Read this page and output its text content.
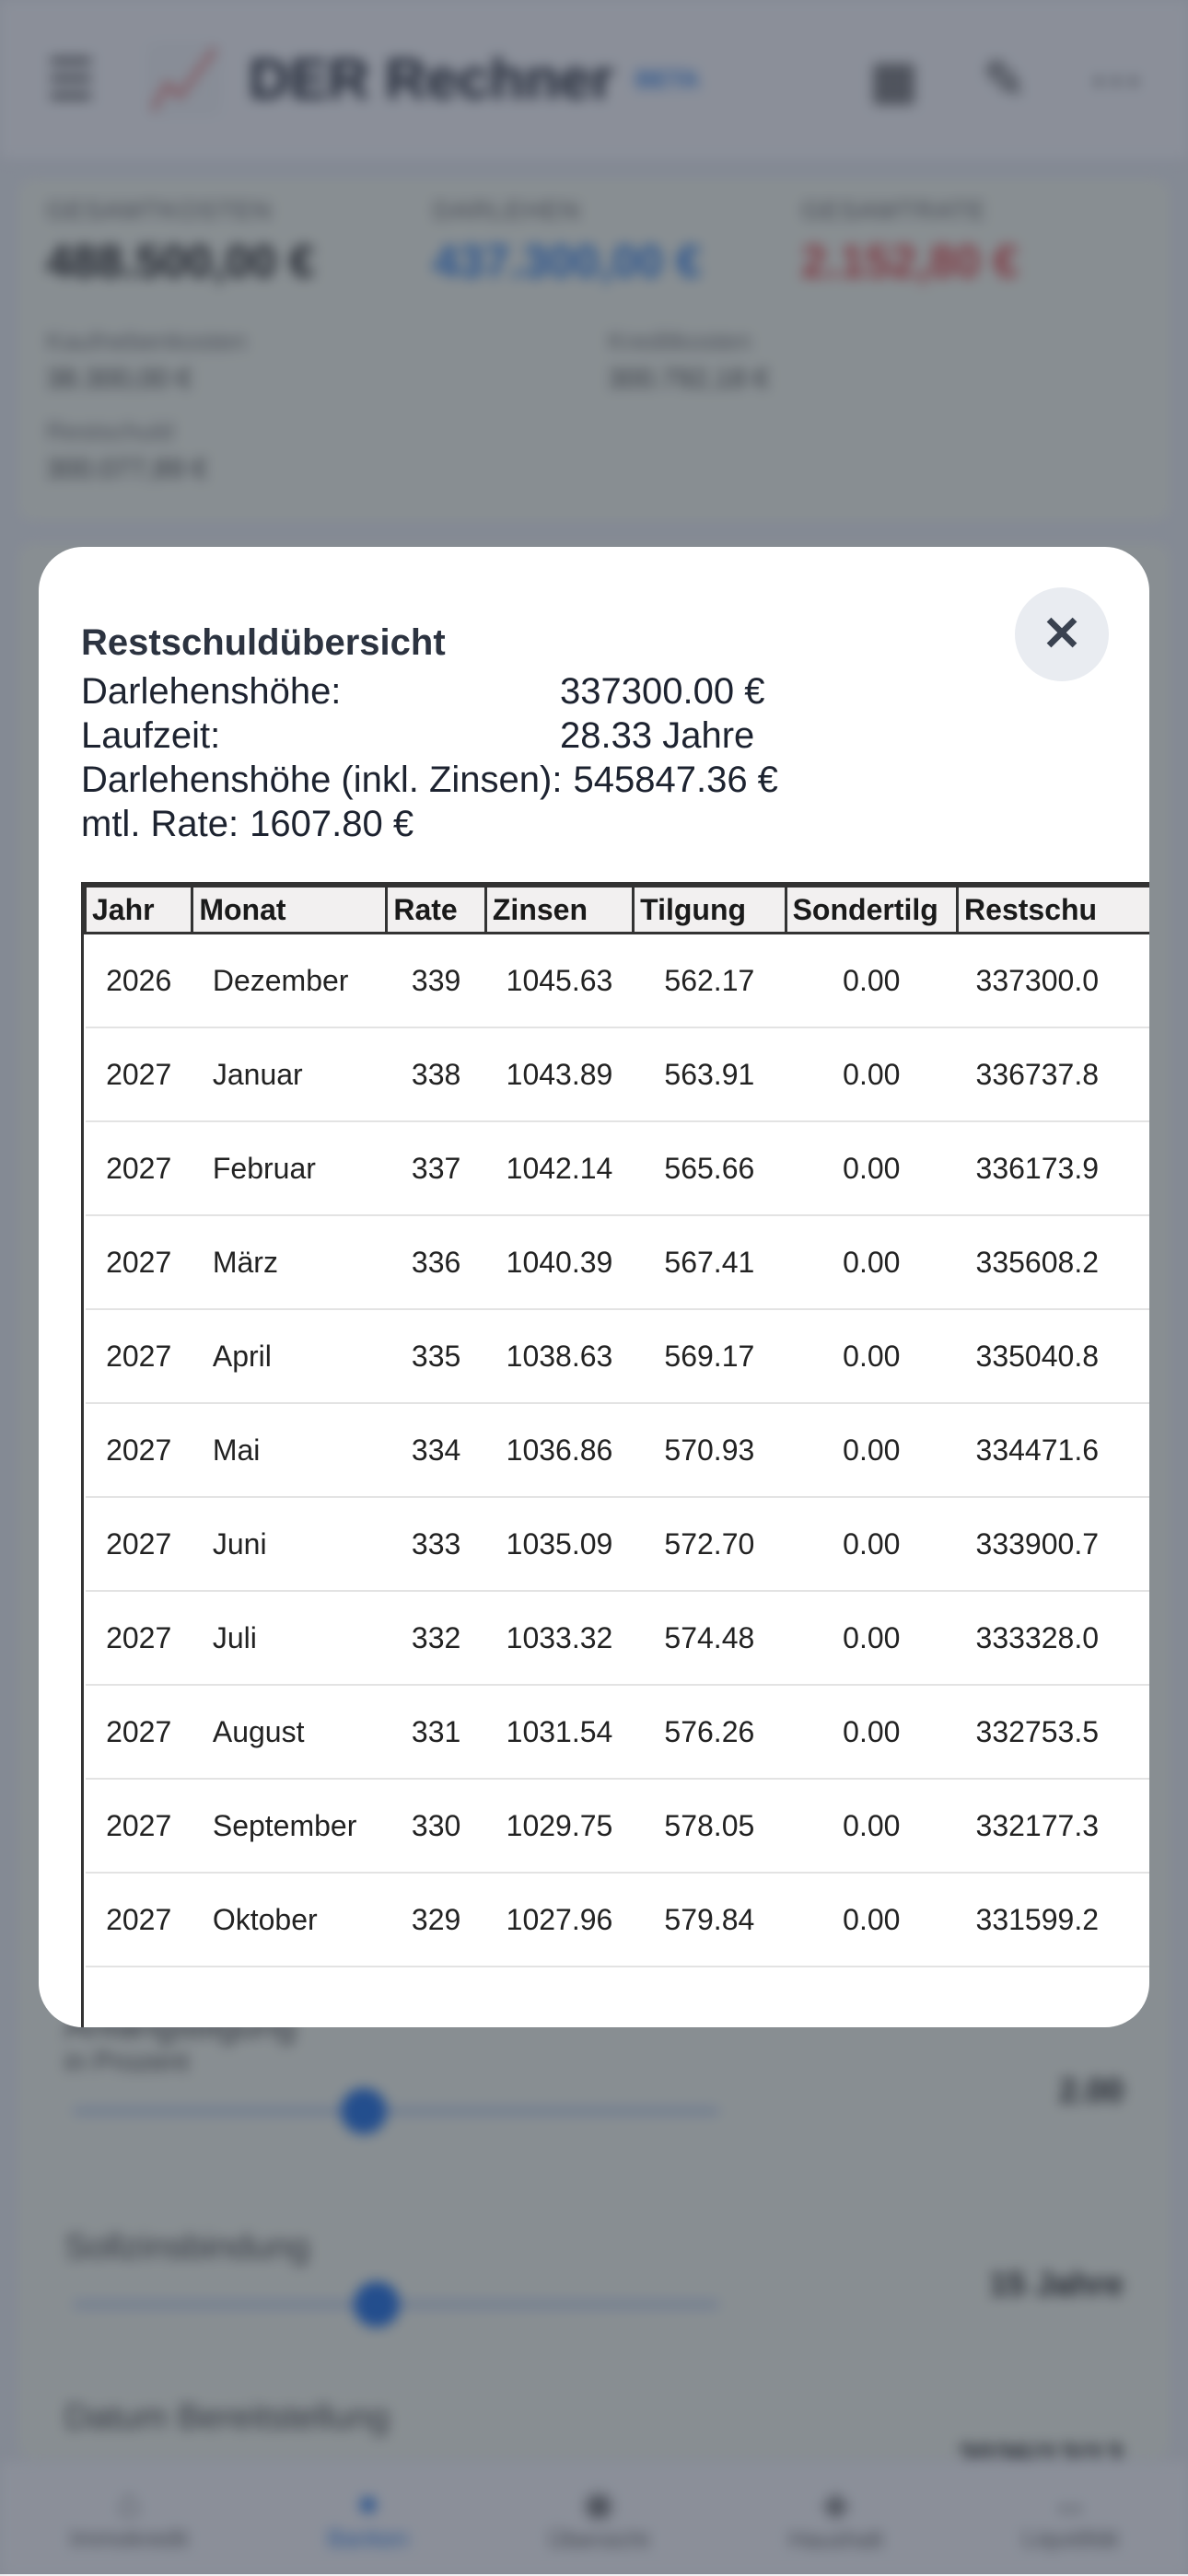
✕
Restschuldübersicht
Darlehenshöhe:	337300.00 €
Laufzeit:	28.33 Jahre
Darlehenshöhe (inkl. Zinsen): 545847.36 €
mtl. Rate: 1607.80 €
Jahr	Monat	Rate	Zinsen	Tilgung	Sondertilg	Restschu
2026	Dezember	339	1045.63	562.17	0.00	337300.0
2027	Januar	338	1043.89	563.91	0.00	336737.8
2027	Februar	337	1042.14	565.66	0.00	336173.9
2027	März	336	1040.39	567.41	0.00	335608.2
2027	April	335	1038.63	569.17	0.00	335040.8
2027	Mai	334	1036.86	570.93	0.00	334471.6
2027	Juni	333	1035.09	572.70	0.00	333900.7
2027	Juli	332	1033.32	574.48	0.00	333328.0
2027	August	331	1031.54	576.26	0.00	332753.5
2027	September	330	1029.75	578.05	0.00	332177.3
2027	Oktober	329	1027.96	579.84	0.00	331599.2
